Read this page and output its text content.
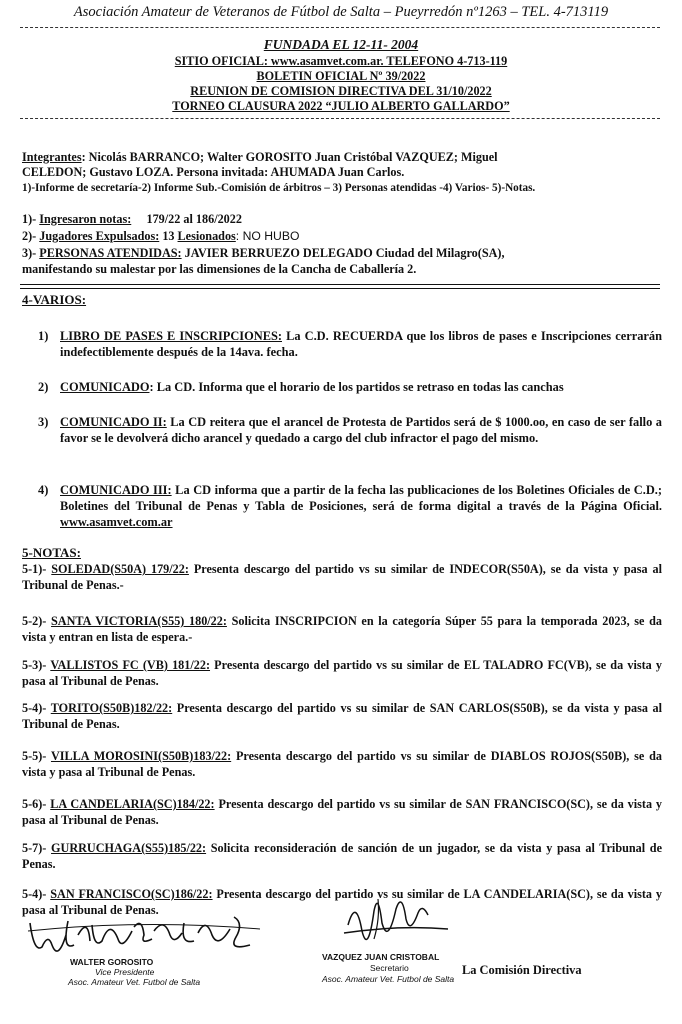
Asociación Amateur de Veteranos de Fútbol de Salta – Pueyrredón nº1263 – TEL. 4-713119
FUNDADA EL 12-11- 2004
SITIO OFICIAL: www.asamvet.com.ar. TELEFONO 4-713-119
BOLETIN OFICIAL Nº 39/2022
REUNION DE COMISION DIRECTIVA DEL 31/10/2022
TORNEO CLAUSURA 2022 “JULIO ALBERTO GALLARDO”
Integrantes: Nicolás BARRANCO; Walter GOROSITO Juan Cristóbal VAZQUEZ; Miguel
CELEDON; Gustavo LOZA. Persona invitada: AHUMADA Juan Carlos.
1)-Informe de secretaría-2) Informe Sub.-Comisión de árbitros – 3) Personas atendidas -4) Varios- 5)-Notas.
1)- Ingresaron notas:     179/22 al 186/2022
2)- Jugadores Expulsados: 13 Lesionados: NO HUBO
3)- PERSONAS ATENDIDAS: JAVIER BERRUEZO DELEGADO Ciudad del Milagro(SA),
manifestando su malestar por las dimensiones de la Cancha de Caballería 2.
4-VARIOS:
1) LIBRO DE PASES E INSCRIPCIONES: La C.D. RECUERDA que los libros de pases e Inscripciones cerrarán indefectiblemente después de la 14ava. fecha.
2) COMUNICADO: La CD. Informa que el horario de los partidos se retraso en todas las canchas
3) COMUNICADO II: La CD reitera que el arancel de Protesta de Partidos será de $ 1000.oo, en caso de ser fallo a favor se le devolverá dicho arancel y quedado a cargo del club infractor el pago del mismo.
4) COMUNICADO III: La CD informa que a partir de la fecha las publicaciones de los Boletines Oficiales de C.D.; Boletines del Tribunal de Penas y Tabla de Posiciones, será de forma digital a través de la Página Oficial. www.asamvet.com.ar
5-NOTAS:
5-1)- SOLEDAD(S50A) 179/22: Presenta descargo del partido vs su similar de INDECOR(S50A), se da vista y pasa al Tribunal de Penas.-
5-2)- SANTA VICTORIA(S55) 180/22: Solicita INSCRIPCION en la categoría Súper 55 para la temporada 2023, se da vista y entran en lista de espera.-
5-3)- VALLISTOS FC (VB) 181/22: Presenta descargo del partido vs su similar de EL TALADRO FC(VB), se da vista y pasa al Tribunal de Penas.
5-4)- TORITO(S50B)182/22: Presenta descargo del partido vs su similar de SAN CARLOS(S50B), se da vista y pasa al Tribunal de Penas.
5-5)- VILLA MOROSINI(S50B)183/22: Presenta descargo del partido vs su similar de DIABLOS ROJOS(S50B), se da vista y pasa al Tribunal de Penas.
5-6)- LA CANDELARIA(SC)184/22: Presenta descargo del partido vs su similar de SAN FRANCISCO(SC), se da vista y pasa al Tribunal de Penas.
5-7)- GURRUCHAGA(S55)185/22: Solicita reconsideración de sanción de un jugador, se da vista y pasa al Tribunal de Penas.
5-4)- SAN FRANCISCO(SC)186/22: Presenta descargo del partido vs su similar de LA CANDELARIA(SC), se da vista y pasa al Tribunal de Penas.
WALTER GOROSITO
Vice Presidente
Asoc. Amateur Vet. Futbol de Salta
VAZQUEZ JUAN CRISTOBAL
Secretario
Asoc. Amateur Vet. Futbol de Salta
La Comisión Directiva
